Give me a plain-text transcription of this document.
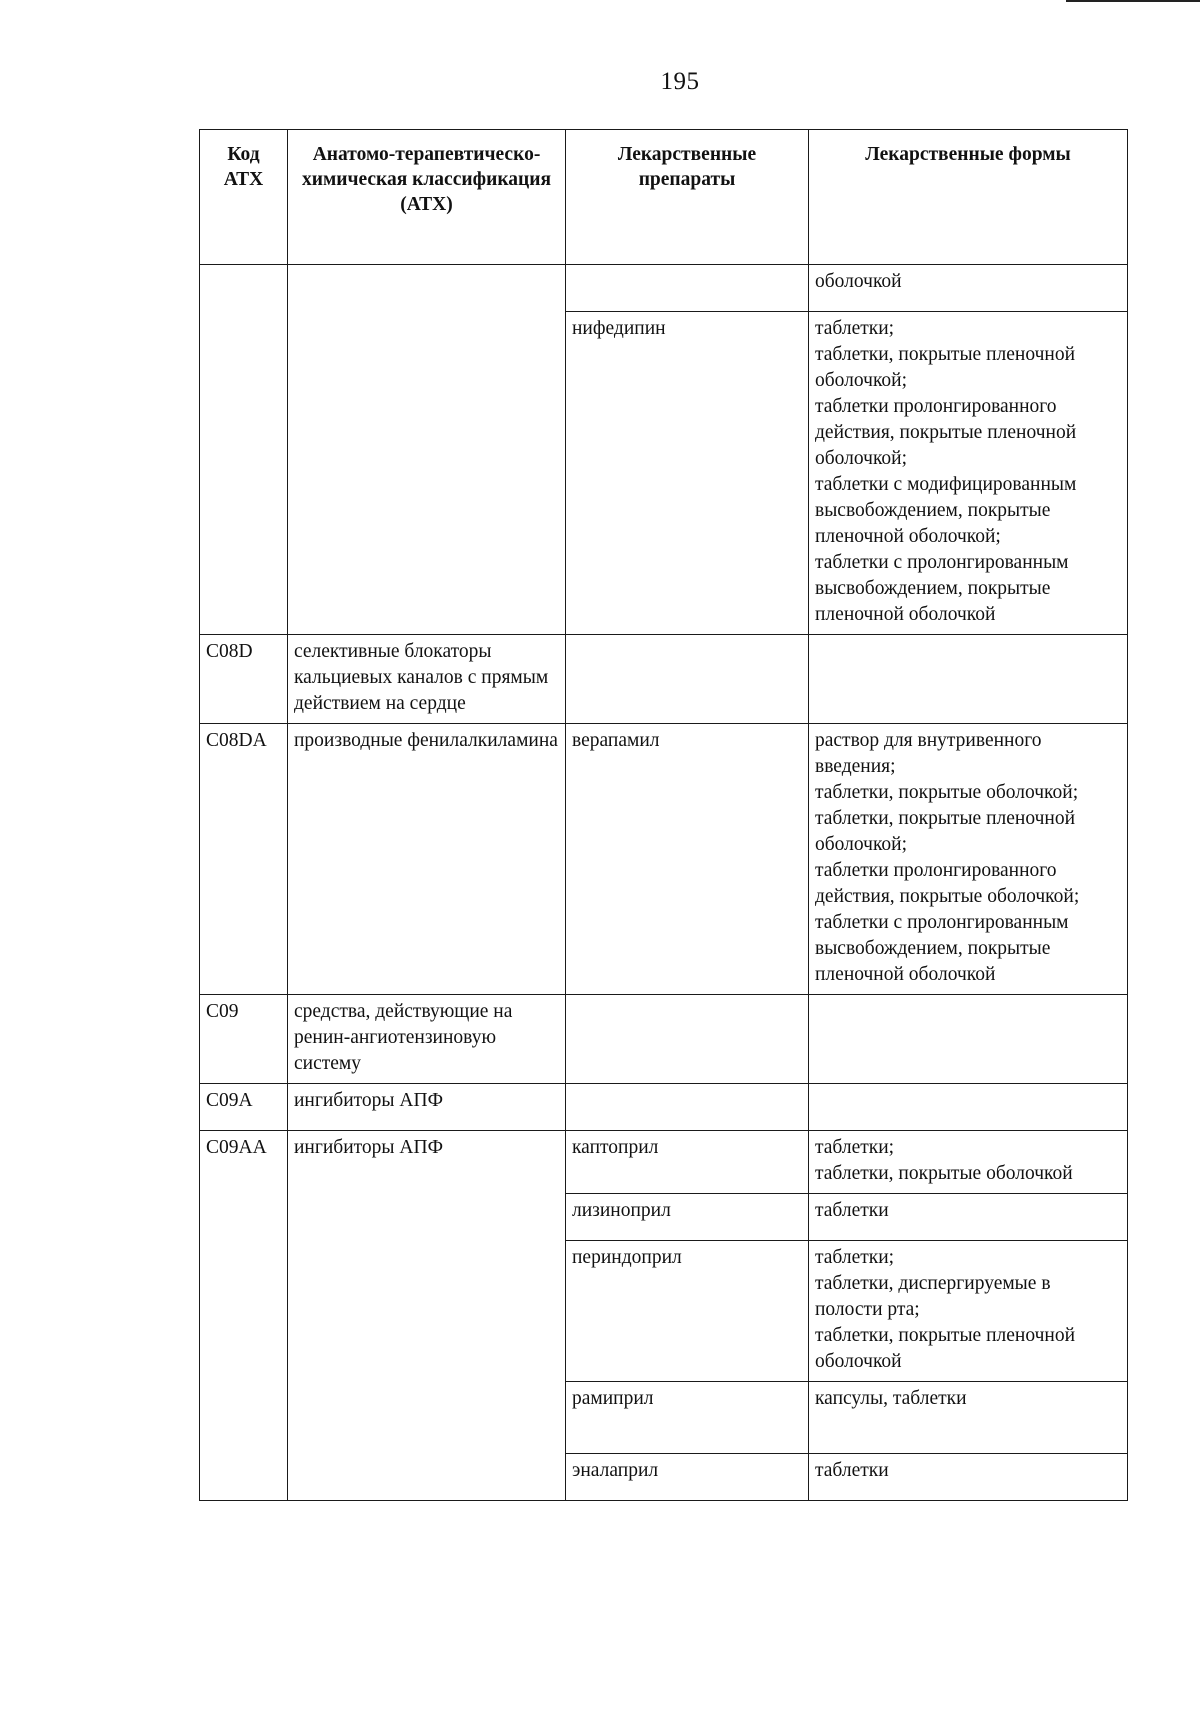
195
Код АТХ	Анатомо-терапевтическо-химическая классификация (АТХ)	Лекарственные препараты	Лекарственные формы

			оболочкой

		нифедипин	таблетки;
таблетки, покрытые пленочной оболочкой;
таблетки пролонгированного действия, покрытые пленочной оболочкой;
таблетки с модифицированным высвобождением, покрытые пленочной оболочкой;
таблетки с пролонгированным высвобождением, покрытые пленочной оболочкой

C08D	селективные блокаторы кальциевых каналов с прямым действием на сердце		
C08DA	производные фенилалкиламина	верапамил	раствор для внутривенного введения;
таблетки, покрытые оболочкой;
таблетки, покрытые пленочной оболочкой;
таблетки пролонгированного действия, покрытые оболочкой;
таблетки с пролонгированным высвобождением, покрытые пленочной оболочкой

C09	средства, действующие на ренин-ангиотензиновую систему		
C09A	ингибиторы АПФ		
C09AA	ингибиторы АПФ	каптоприл	таблетки;
таблетки, покрытые оболочкой

		лизиноприл	таблетки

		периндоприл	таблетки;
таблетки, диспергируемые в полости рта;
таблетки, покрытые пленочной оболочкой

		рамиприл	капсулы, таблетки

		эналаприл	таблетки
